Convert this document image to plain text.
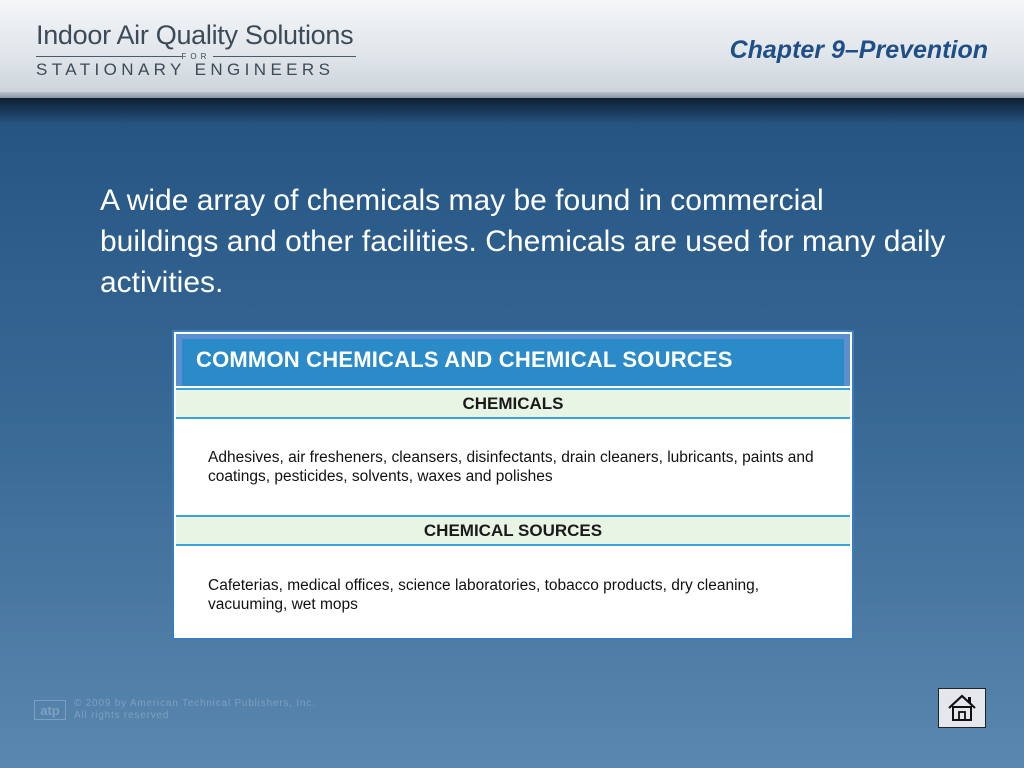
Indoor Air Quality Solutions
FOR
STATIONARY ENGINEERS
Chapter 9–Prevention
A wide array of chemicals may be found in commercial buildings and other facilities. Chemicals are used for many daily activities.
COMMON CHEMICALS AND CHEMICAL SOURCES
CHEMICALS
Adhesives, air fresheners, cleansers, disinfectants, drain cleaners, lubricants, paints and coatings, pesticides, solvents, waxes and polishes
CHEMICAL SOURCES
Cafeterias, medical offices, science laboratories, tobacco products, dry cleaning, vacuuming, wet mops
atp	© 2009 by American Technical Publishers, Inc.
All rights reserved
